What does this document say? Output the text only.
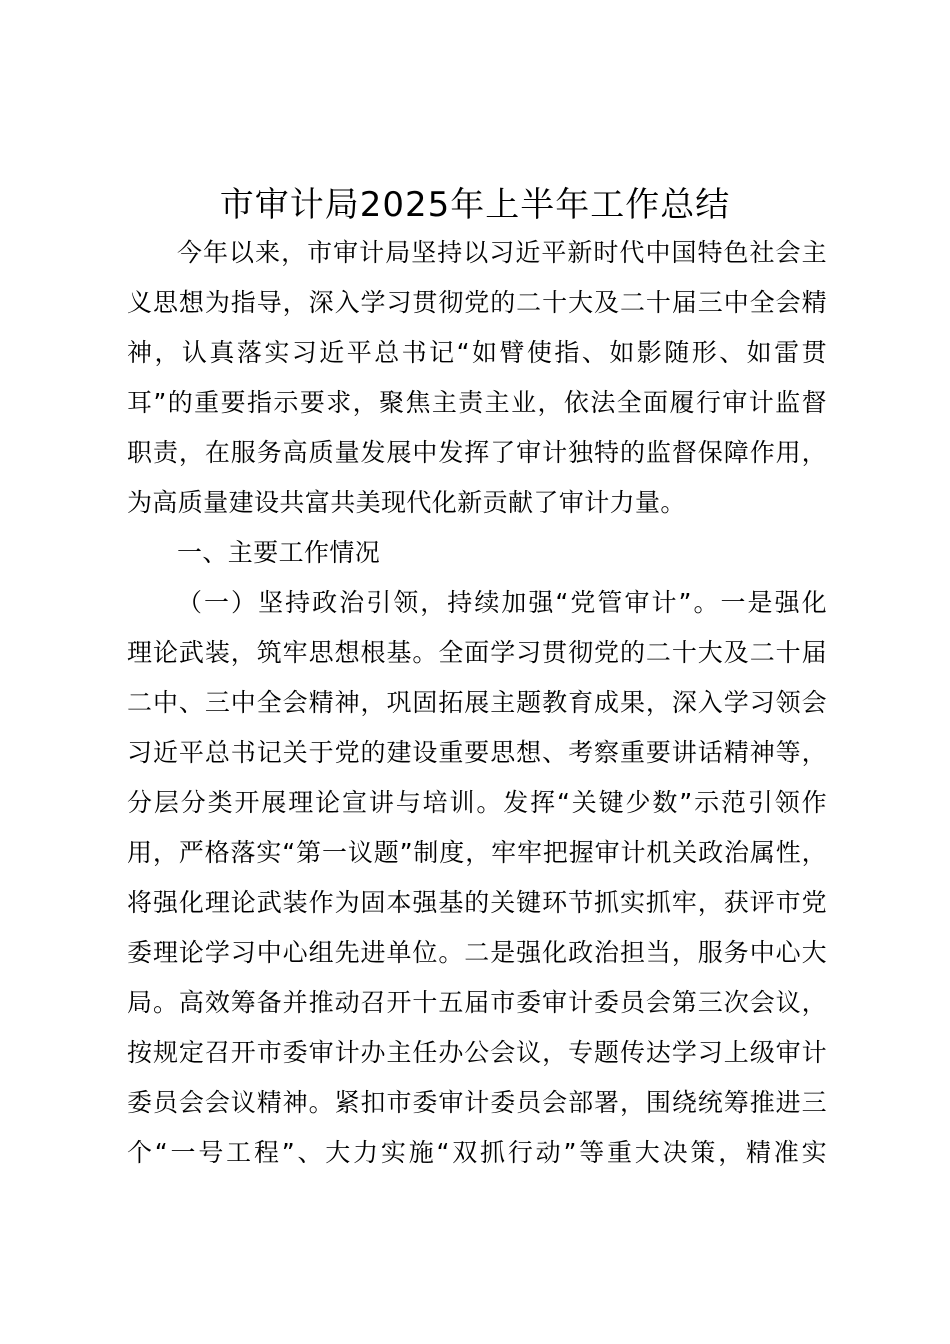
市审计局2025年上半年工作总结
今年以来，市审计局坚持以习近平新时代中国特色社会主
义思想为指导，深入学习贯彻党的二十大及二十届三中全会精
神，认真落实习近平总书记“如臂使指、如影随形、如雷贯
耳”的重要指示要求，聚焦主责主业，依法全面履行审计监督
职责，在服务高质量发展中发挥了审计独特的监督保障作用，
为高质量建设共富共美现代化新贡献了审计力量。
一、主要工作情况
（一）坚持政治引领，持续加强“党管审计”。一是强化
理论武装，筑牢思想根基。全面学习贯彻党的二十大及二十届
二中、三中全会精神，巩固拓展主题教育成果，深入学习领会
习近平总书记关于党的建设重要思想、考察重要讲话精神等，
分层分类开展理论宣讲与培训。发挥“关键少数”示范引领作
用，严格落实“第一议题”制度，牢牢把握审计机关政治属性，
将强化理论武装作为固本强基的关键环节抓实抓牢，获评市党
委理论学习中心组先进单位。二是强化政治担当，服务中心大
局。高效筹备并推动召开十五届市委审计委员会第三次会议，
按规定召开市委审计办主任办公会议，专题传达学习上级审计
委员会会议精神。紧扣市委审计委员会部署，围绕统筹推进三
个“一号工程”、大力实施“双抓行动”等重大决策，精准实
